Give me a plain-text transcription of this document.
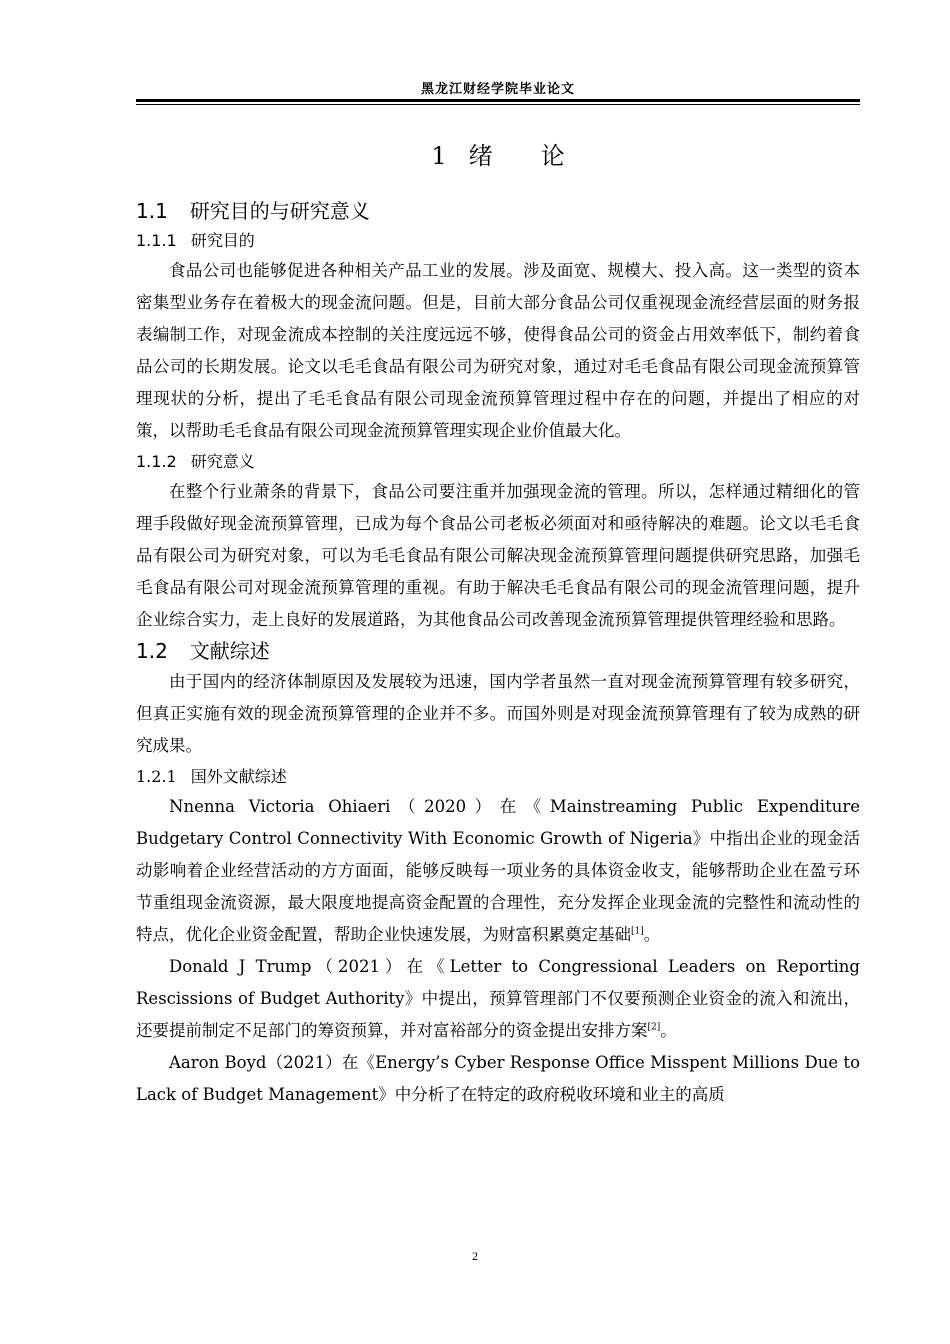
黑龙江财经学院毕业论文
1 绪　　论
1.1 研究目的与研究意义
1.1.1 研究目的

食品公司也能够促进各种相关产品工业的发展。涉及面宽、规模大、投入高。这一类型的资本密集型业务存在着极大的现金流问题。但是，目前大部分食品公司仅重视现金流经营层面的财务报表编制工作，对现金流成本控制的关注度远远不够，使得食品公司的资金占用效率低下，制约着食品公司的长期发展。论文以毛毛食品有限公司为研究对象，通过对毛毛食品有限公司现金流预算管理现状的分析，提出了毛毛食品有限公司现金流预算管理过程中存在的问题，并提出了相应的对策，以帮助毛毛食品有限公司现金流预算管理实现企业价值最大化。

1.1.2 研究意义

在整个行业萧条的背景下，食品公司要注重并加强现金流的管理。所以，怎样通过精细化的管理手段做好现金流预算管理，已成为每个食品公司老板必须面对和亟待解决的难题。论文以毛毛食品有限公司为研究对象，可以为毛毛食品有限公司解决现金流预算管理问题提供研究思路，加强毛毛食品有限公司对现金流预算管理的重视。有助于解决毛毛食品有限公司的现金流管理问题，提升企业综合实力，走上良好的发展道路，为其他食品公司改善现金流预算管理提供管理经验和思路。

1.2 文献综述

由于国内的经济体制原因及发展较为迅速，国内学者虽然一直对现金流预算管理有较多研究，但真正实施有效的现金流预算管理的企业并不多。而国外则是对现金流预算管理有了较为成熟的研究成果。

1.2.1 国外文献综述

Nnenna Victoria Ohiaeri（2020）在《Mainstreaming Public Expenditure Budgetary Control Connectivity With Economic Growth of Nigeria》中指出企业的现金活动影响着企业经营活动的方方面面，能够反映每一项业务的具体资金收支，能够帮助企业在盈亏环节重组现金流资源，最大限度地提高资金配置的合理性，充分发挥企业现金流的完整性和流动性的特点，优化企业资金配置，帮助企业快速发展，为财富积累奠定基础[1]。

Donald J Trump（2021）在《Letter to Congressional Leaders on Reporting Rescissions of Budget Authority》中提出，预算管理部门不仅要预测企业资金的流入和流出，还要提前制定不足部门的筹资预算，并对富裕部分的资金提出安排方案[2]。

Aaron Boyd（2021）在《Energy’s Cyber Response Office Misspent Millions Due to Lack of Budget Management》中分析了在特定的政府税收环境和业主的高质

2
